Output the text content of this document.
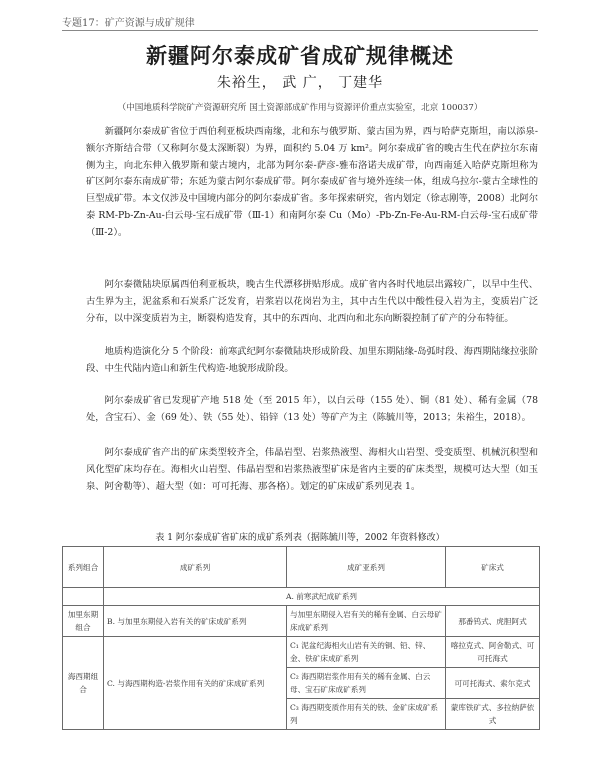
专题17：矿产资源与成矿规律
新疆阿尔泰成矿省成矿规律概述
朱裕生， 武 广， 丁建华
（中国地质科学院矿产资源研究所 国土资源部成矿作用与资源评价重点实验室，北京 100037）

新疆阿尔泰成矿省位于西伯利亚板块西南缘，北和东与俄罗斯、蒙古国为界，西与哈萨克斯坦，南以添泉-额尔齐斯结合带（又称阿尔曼太深断裂）为界，面积约 5.04 万 km²。阿尔泰成矿省的晚古生代在萨拉尔东南侧为主，向北东伸入俄罗斯和蒙古境内，北部为阿尔泰-萨彦-雅布洛诺夫成矿带，向西南延入哈萨克斯坦称为矿区阿尔泰东南成矿带；东延为蒙古阿尔泰成矿带。阿尔泰成矿省与境外连续一体，组成乌拉尔-蒙古全球性的巨型成矿带。本文仅涉及中国境内部分的阿尔泰成矿省。多年探索研究，省内划定（徐志刚等，2008）北阿尔泰 RM-Pb-Zn-Au-白云母-宝石成矿带（Ⅲ-1）和南阿尔泰 Cu（Mo）-Pb-Zn-Fe-Au-RM-白云母-宝石成矿带（Ⅲ-2）。

阿尔泰微陆块原属西伯利亚板块，晚古生代漂移拼贴形成。成矿省内各时代地层出露较广，以早中生代、古生界为主，泥盆系和石炭系广泛发育，岩浆岩以花岗岩为主，其中古生代以中酸性侵入岩为主，变质岩广泛分布，以中深变质岩为主，断裂构造发育，其中的东西向、北西向和北东向断裂控制了矿产的分布特征。

地质构造演化分 5 个阶段：前寒武纪阿尔泰微陆块形成阶段、加里东期陆缘-岛弧时段、海西期陆缘拉张阶段、中生代陆内造山和新生代构造-地貌形成阶段。

阿尔泰成矿省已发现矿产地 518 处（至 2015 年），以白云母（155 处）、铜（81 处）、稀有金属（78 处，含宝石）、金（69 处）、铁（55 处）、铅锌（13 处）等矿产为主（陈毓川等，2013；朱裕生，2018）。

阿尔泰成矿省产出的矿床类型较齐全，伟晶岩型、岩浆热液型、海相火山岩型、受变质型、机械沉积型和风化型矿床均存在。海相火山岩型、伟晶岩型和岩浆热液型矿床是省内主要的矿床类型，规模可达大型（如玉泉、阿舍勒等）、超大型（如：可可托海、那各格）。划定的矿床成矿系列见表 1。

表 1 阿尔泰成矿省矿床的成矿系列表（据陈毓川等，2002 年资料修改）
系列组合	成矿系列	成矿亚系列	矿床式
	A. 前寒武纪成矿系列		
加里东期组合	B. 与加里东期侵入岩有关的矿床成矿系列	与加里东期侵入岩有关的稀有金属、白云母矿床成矿系列	那番钨式、虎胆阿式
海西期组合	C. 与海西期构造-岩浆作用有关的矿床成矿系列	C₁ 泥盆纪海相火山岩有关的铜、铅、锌、金、铁矿床成矿系列	喀拉克式、阿舍勒式、可可托海式
		C₂ 海西期岩浆作用有关的稀有金属、白云母、宝石矿床成矿系列	可可托海式、索尔克式
		C₃ 海西期变质作用有关的铁、金矿床成矿系列	蒙库铁矿式、多拉纳萨依式
